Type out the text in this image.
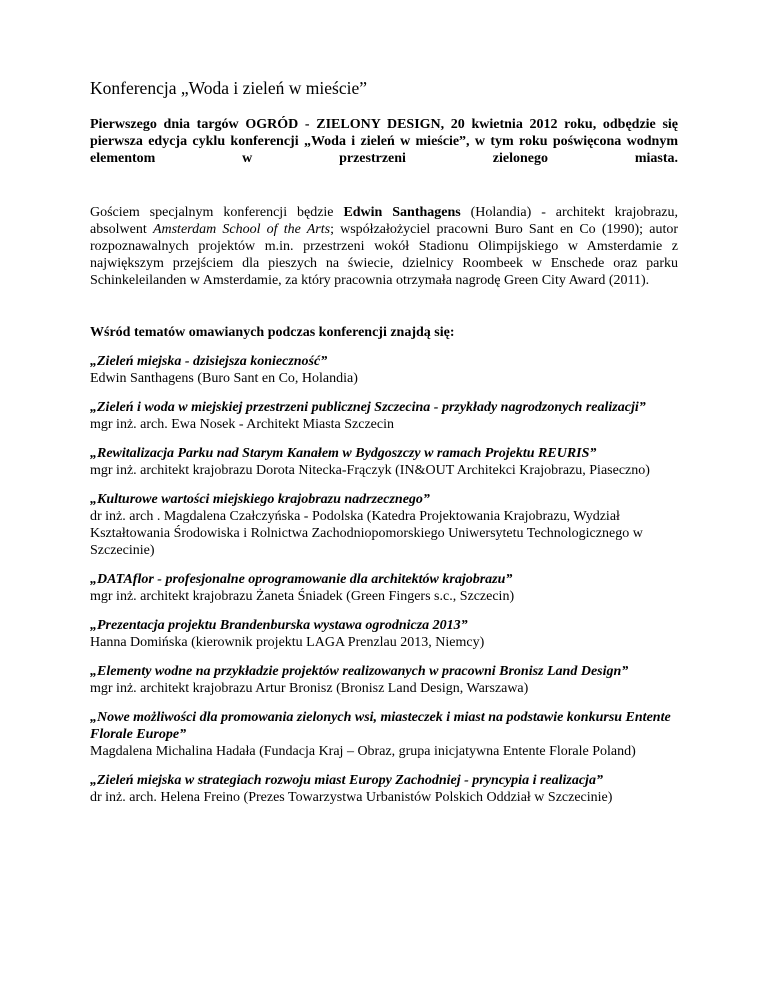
Konferencja „Woda i zieleń w mieście”

Pierwszego dnia targów OGRÓD - ZIELONY DESIGN, 20 kwietnia 2012 roku, odbędzie się pierwsza edycja cyklu konferencji „Woda i zieleń w mieście”, w tym roku poświęcona wodnym elementom w przestrzeni zielonego miasta.

Gościem specjalnym konferencji będzie Edwin Santhagens (Holandia) - architekt krajobrazu, absolwent Amsterdam School of the Arts; współzałożyciel pracowni Buro Sant en Co (1990); autor rozpoznawalnych projektów m.in. przestrzeni wokół Stadionu Olimpijskiego w Amsterdamie z największym przejściem dla pieszych na świecie, dzielnicy Roombeek w Enschede oraz parku Schinkeleilanden w Amsterdamie, za który pracownia otrzymała nagrodę Green City Award (2011).

Wśród tematów omawianych podczas konferencji znajdą się:

„Zieleń miejska - dzisiejsza konieczność”
Edwin Santhagens (Buro Sant en Co, Holandia)
„Zieleń i woda w miejskiej przestrzeni publicznej Szczecina - przykłady nagrodzonych realizacji”
mgr inż. arch. Ewa Nosek - Architekt Miasta Szczecin
„Rewitalizacja Parku nad Starym Kanałem w Bydgoszczy w ramach Projektu REURIS”
mgr inż. architekt krajobrazu Dorota Nitecka-Frączyk (IN&OUT Architekci Krajobrazu, Piaseczno)
„Kulturowe wartości miejskiego krajobrazu nadrzecznego”
dr inż. arch . Magdalena Czałczyńska - Podolska (Katedra Projektowania Krajobrazu, Wydział Kształtowania Środowiska i Rolnictwa Zachodniopomorskiego Uniwersytetu Technologicznego w Szczecinie)
„DATAflor - profesjonalne oprogramowanie dla architektów krajobrazu”
mgr inż. architekt krajobrazu Żaneta Śniadek (Green Fingers s.c., Szczecin)
„Prezentacja projektu Brandenburska wystawa ogrodnicza 2013”
Hanna Domińska (kierownik projektu LAGA Prenzlau 2013, Niemcy)
„Elementy wodne na przykładzie projektów realizowanych w pracowni Bronisz Land Design”
mgr inż. architekt krajobrazu Artur Bronisz (Bronisz Land Design, Warszawa)
„Nowe możliwości dla promowania zielonych wsi, miasteczek i miast na podstawie konkursu Entente Florale Europe”
Magdalena Michalina Hadała (Fundacja Kraj – Obraz, grupa inicjatywna Entente Florale Poland)
„Zieleń miejska w strategiach rozwoju miast Europy Zachodniej - pryncypia i realizacja”
dr inż. arch. Helena Freino (Prezes Towarzystwa Urbanistów Polskich Oddział w Szczecinie)
